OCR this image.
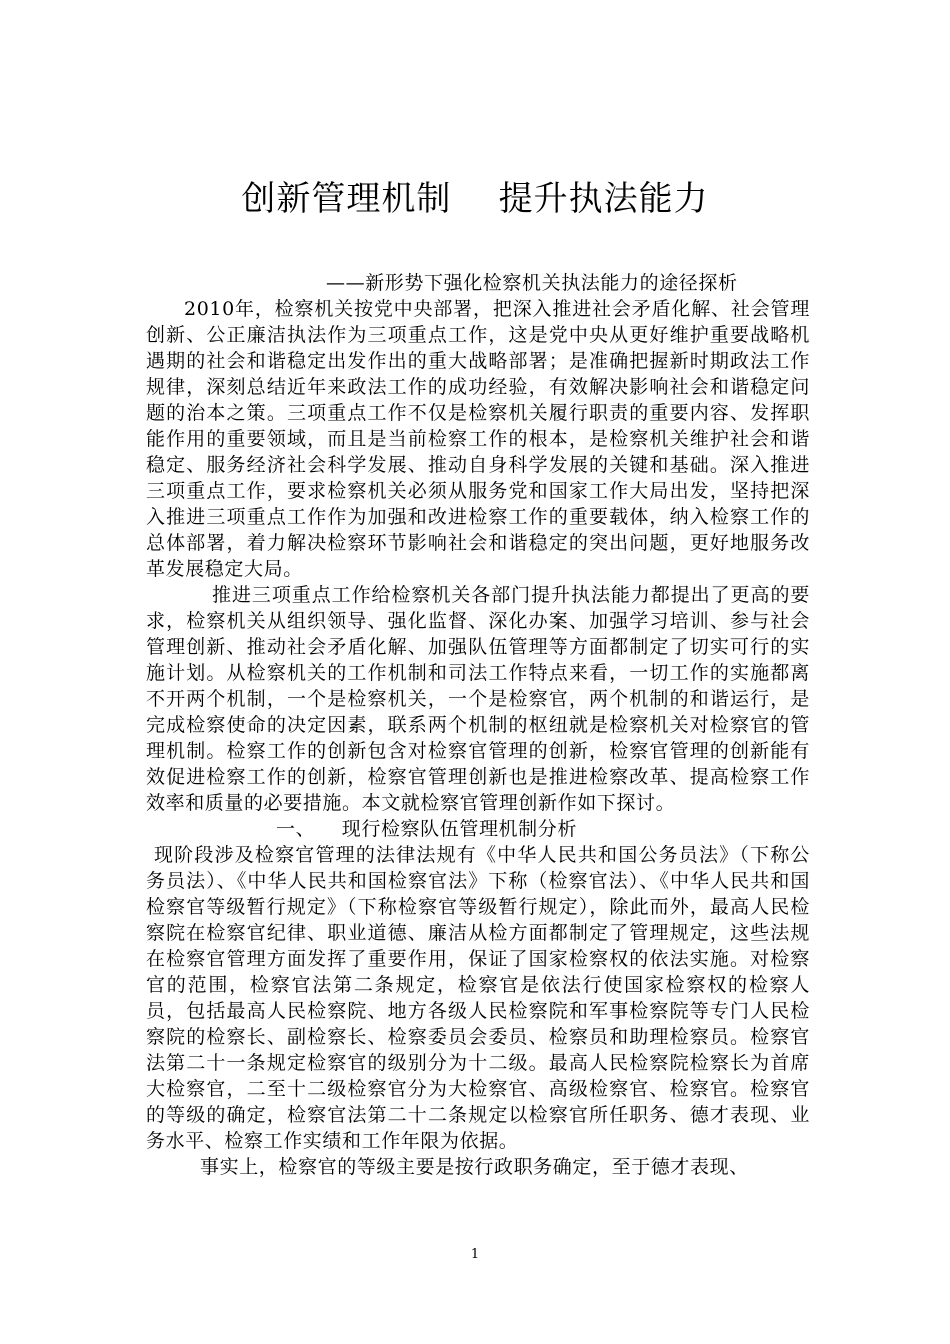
创新管理机制    提升执法能力

——新形势下强化检察机关执法能力的途径探析

2010年，检察机关按党中央部署，把深入推进社会矛盾化解、社会管理创新、公正廉洁执法作为三项重点工作，这是党中央从更好维护重要战略机遇期的社会和谐稳定出发作出的重大战略部署；是准确把握新时期政法工作规律，深刻总结近年来政法工作的成功经验，有效解决影响社会和谐稳定问题的治本之策。三项重点工作不仅是检察机关履行职责的重要内容、发挥职能作用的重要领域，而且是当前检察工作的根本，是检察机关维护社会和谐稳定、服务经济社会科学发展、推动自身科学发展的关键和基础。深入推进三项重点工作，要求检察机关必须从服务党和国家工作大局出发，坚持把深入推进三项重点工作作为加强和改进检察工作的重要载体，纳入检察工作的总体部署，着力解决检察环节影响社会和谐稳定的突出问题，更好地服务改革发展稳定大局。

推进三项重点工作给检察机关各部门提升执法能力都提出了更高的要求，检察机关从组织领导、强化监督、深化办案、加强学习培训、参与社会管理创新、推动社会矛盾化解、加强队伍管理等方面都制定了切实可行的实施计划。从检察机关的工作机制和司法工作特点来看，一切工作的实施都离不开两个机制，一个是检察机关，一个是检察官，两个机制的和谐运行，是完成检察使命的决定因素，联系两个机制的枢纽就是检察机关对检察官的管理机制。检察工作的创新包含对检察官管理的创新，检察官管理的创新能有效促进检察工作的创新，检察官管理创新也是推进检察改革、提高检察工作效率和质量的必要措施。本文就检察官管理创新作如下探讨。

一、    现行检察队伍管理机制分析

现阶段涉及检察官管理的法律法规有《中华人民共和国公务员法》（下称公务员法）、《中华人民共和国检察官法》下称（检察官法）、《中华人民共和国检察官等级暂行规定》（下称检察官等级暂行规定），除此而外，最高人民检察院在检察官纪律、职业道德、廉洁从检方面都制定了管理规定，这些法规在检察官管理方面发挥了重要作用，保证了国家检察权的依法实施。对检察官的范围，检察官法第二条规定，检察官是依法行使国家检察权的检察人员，包括最高人民检察院、地方各级人民检察院和军事检察院等专门人民检察院的检察长、副检察长、检察委员会委员、检察员和助理检察员。检察官法第二十一条规定检察官的级别分为十二级。最高人民检察院检察长为首席大检察官，二至十二级检察官分为大检察官、高级检察官、检察官。检察官的等级的确定，检察官法第二十二条规定以检察官所任职务、德才表现、业务水平、检察工作实绩和工作年限为依据。

事实上，检察官的等级主要是按行政职务确定，至于德才表现、

1
